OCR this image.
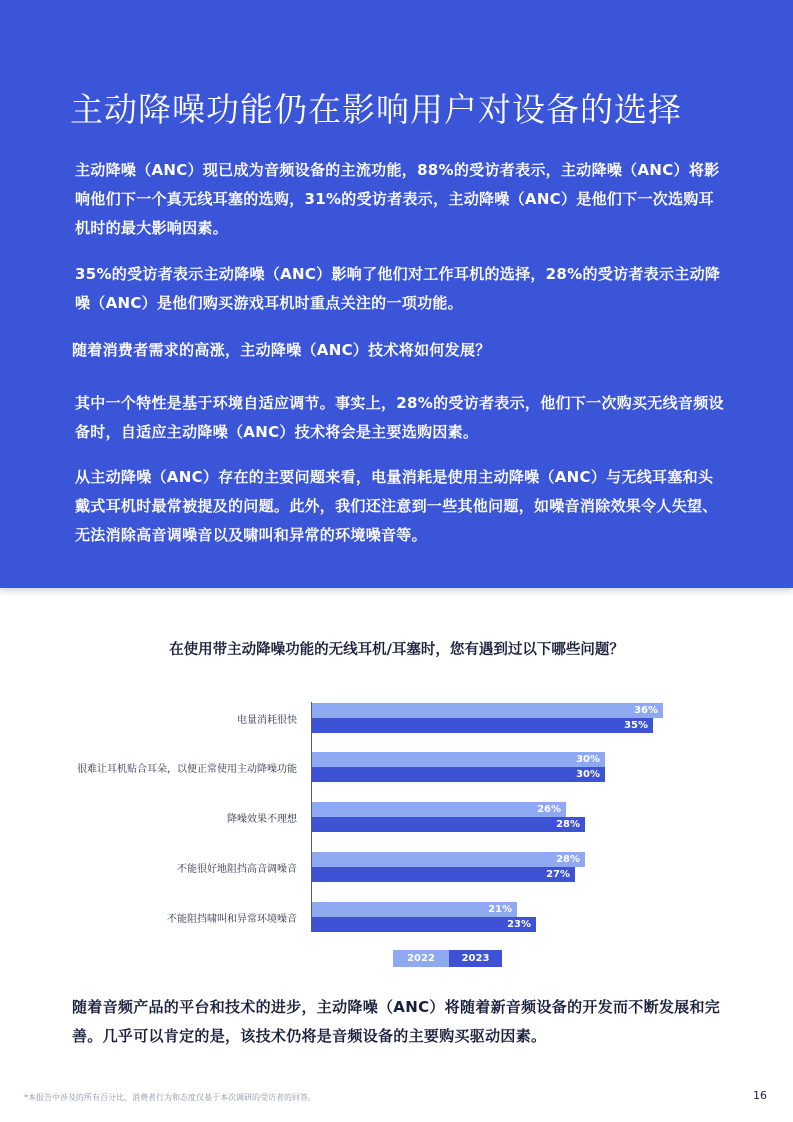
主动降噪功能仍在影响用户对设备的选择
主动降噪（ANC）现已成为音频设备的主流功能，88%的受访者表示，主动降噪（ANC）将影响他们下一个真无线耳塞的选购，31%的受访者表示，主动降噪（ANC）是他们下一次选购耳机时的最大影响因素。
35%的受访者表示主动降噪（ANC）影响了他们对工作耳机的选择，28%的受访者表示主动降噪（ANC）是他们购买游戏耳机时重点关注的一项功能。
随着消费者需求的高涨，主动降噪（ANC）技术将如何发展？
其中一个特性是基于环境自适应调节。事实上，28%的受访者表示，他们下一次购买无线音频设备时，自适应主动降噪（ANC）技术将会是主要选购因素。
从主动降噪（ANC）存在的主要问题来看，电量消耗是使用主动降噪（ANC）与无线耳塞和头戴式耳机时最常被提及的问题。此外，我们还注意到一些其他问题，如噪音消除效果令人失望、无法消除高音调噪音以及啸叫和异常的环境噪音等。
在使用带主动降噪功能的无线耳机/耳塞时，您有遇到过以下哪些问题？
电量消耗很快
36%
35%
很难让耳机贴合耳朵，以便正常使用主动降噪功能
30%
30%
降噪效果不理想
26%
28%
不能很好地阻挡高音调噪音
28%
27%
不能阻挡啸叫和异常环境噪音
21%
23%
2022	2023
随着音频产品的平台和技术的进步，主动降噪（ANC）将随着新音频设备的开发而不断发展和完善。几乎可以肯定的是，该技术仍将是音频设备的主要购买驱动因素。
*本报告中涉及的所有百分比、消费者行为和态度仅基于本次调研的受访者的回答。	16
